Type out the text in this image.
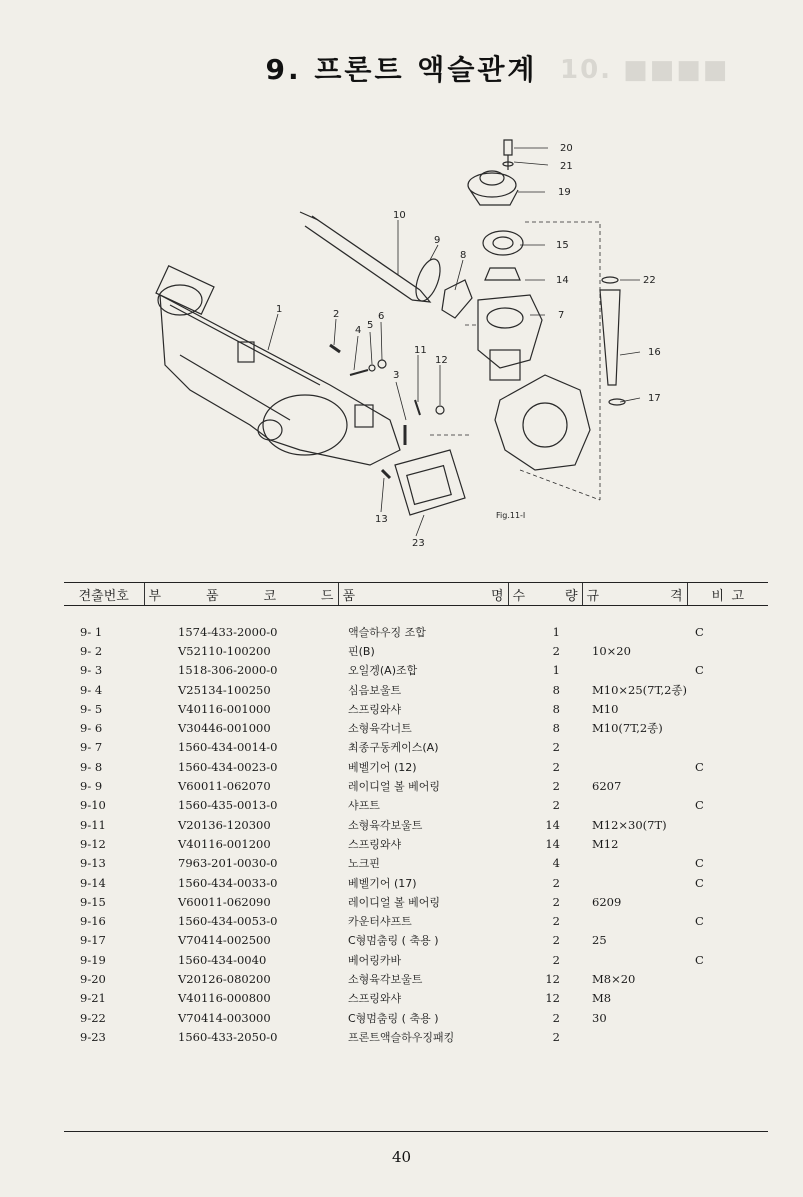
9. 프론트 액슬관계 10. ■■■■
1	2
3
4 5
6	7
8
9
10
11
12
13
14
15
16
17
19
20
21
22
23
Fig.11-I
견출번호	부 품 코 드	품 명	수 량	규 격	비 고

9- 1	1574-433-2000-0	액슬하우징 조합	1		C
9- 2	V52110-100200	핀(B)	2	10×20	
9- 3	1518-306-2000-0	오일겡(A)조합	1		C
9- 4	V25134-100250	심음보울트	8	M10×25(7T,2종)	
9- 5	V40116-001000	스프링와샤	8	M10	
9- 6	V30446-001000	소형육각너트	8	M10(7T,2종)	
9- 7	1560-434-0014-0	최종구동케이스(A)	2		
9- 8	1560-434-0023-0	베벨기어 (12)	2		C
9- 9	V60011-062070	레이디얼 볼 베어링	2	6207	
9-10	1560-435-0013-0	샤프트	2		C
9-11	V20136-120300	소형육각보울트	14	M12×30(7T)	
9-12	V40116-001200	스프링와샤	14	M12	
9-13	7963-201-0030-0	노크핀	4		C
9-14	1560-434-0033-0	베벨기어 (17)	2		C
9-15	V60011-062090	레이디얼 볼 베어링	2	6209	
9-16	1560-434-0053-0	카운터샤프트	2		C
9-17	V70414-002500	C형멈춤링 ( 축용 )	2	25	
9-19	1560-434-0040	베어링카바	2		C
9-20	V20126-080200	소형육각보울트	12	M8×20	
9-21	V40116-000800	스프링와샤	12	M8	
9-22	V70414-003000	C형멈춤링 ( 축용 )	2	30	
9-23	1560-433-2050-0	프론트액슬하우징패킹	2		
40
